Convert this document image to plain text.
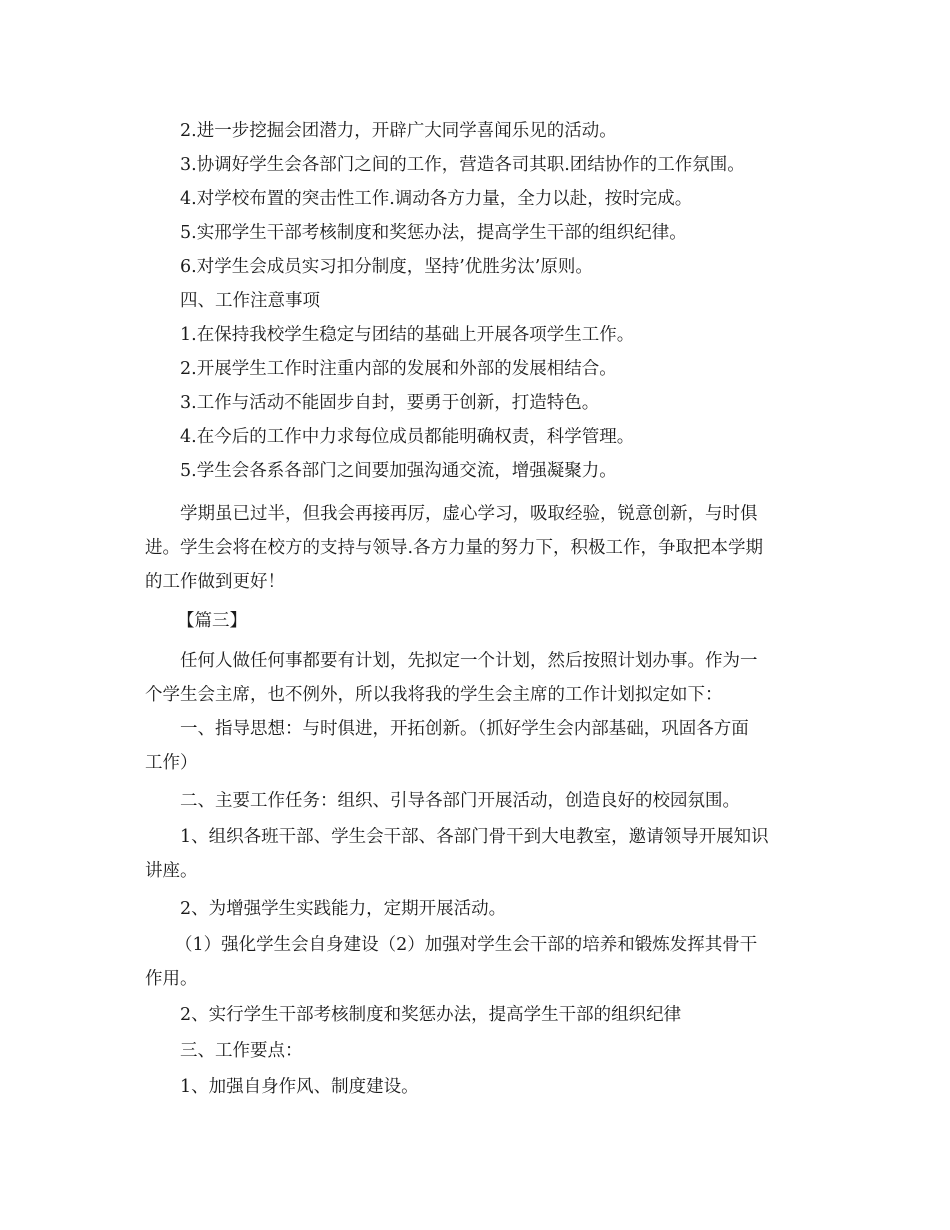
2.进一步挖掘会团潜力，开辟广大同学喜闻乐见的活动。
3.协调好学生会各部门之间的工作，营造各司其职.团结协作的工作氛围。
4.对学校布置的突击性工作.调动各方力量，全力以赴，按时完成。
5.实邢学生干部考核制度和奖惩办法，提高学生干部的组织纪律。
6.对学生会成员实习扣分制度，坚持’优胜劣汰’原则。
四、工作注意事项
1.在保持我校学生稳定与团结的基础上开展各项学生工作。
2.开展学生工作时注重内部的发展和外部的发展相结合。
3.工作与活动不能固步自封，要勇于创新，打造特色。
4.在今后的工作中力求每位成员都能明确权责，科学管理。
5.学生会各系各部门之间要加强沟通交流，增强凝聚力。
学期虽已过半，但我会再接再厉，虚心学习，吸取经验，锐意创新，与时俱
进。学生会将在校方的支持与领导.各方力量的努力下，积极工作，争取把本学期
的工作做到更好！
【篇三】
任何人做任何事都要有计划，先拟定一个计划，然后按照计划办事。作为一
个学生会主席，也不例外，所以我将我的学生会主席的工作计划拟定如下：
一、指导思想：与时俱进，开拓创新。（抓好学生会内部基础，巩固各方面
工作）
二、主要工作任务：组织、引导各部门开展活动，创造良好的校园氛围。
1、组织各班干部、学生会干部、各部门骨干到大电教室，邀请领导开展知识
讲座。
2、为增强学生实践能力，定期开展活动。
（1）强化学生会自身建设（2）加强对学生会干部的培养和锻炼发挥其骨干
作用。
2、实行学生干部考核制度和奖惩办法，提高学生干部的组织纪律
三、工作要点：
1、加强自身作风、制度建设。
